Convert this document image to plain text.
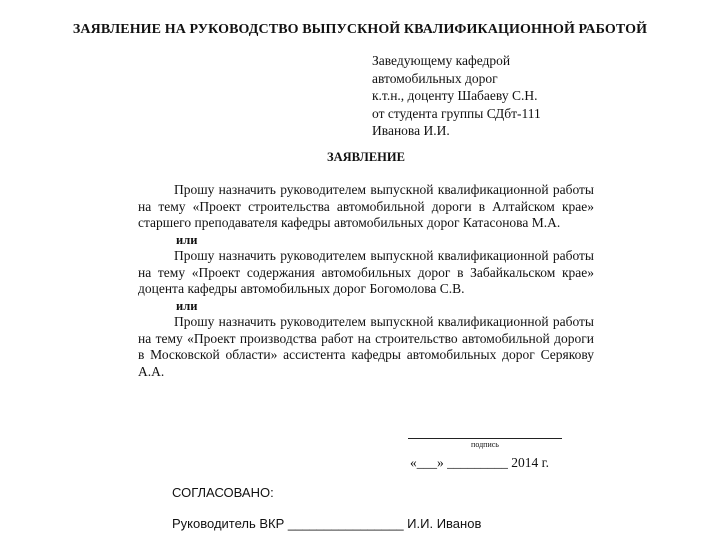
ЗАЯВЛЕНИЕ НА РУКОВОДСТВО ВЫПУСКНОЙ КВАЛИФИКАЦИОННОЙ РАБОТОЙ
Заведующему кафедрой
автомобильных дорог
к.т.н., доценту Шабаеву С.Н.
от студента группы СДбт-111
Иванова И.И.
ЗАЯВЛЕНИЕ

Прошу назначить руководителем выпускной квалификационной работы на тему «Проект строительства автомобильной дороги в Алтайском крае» старшего преподавателя кафедры автомобильных дорог Катасонова М.А.

или

Прошу назначить руководителем выпускной квалификационной работы на тему «Проект содержания автомобильных дорог в Забайкальском крае» доцента кафедры автомобильных дорог Богомолова С.В.

или

Прошу назначить руководителем выпускной квалификационной работы на тему «Проект производства работ на строительство автомобильной дороги в Московской области» ассистента кафедры автомобильных дорог Серякову А.А.

подпись
«___» _________ 2014 г.
СОГЛАСОВАНО:
Руководитель ВКР ________________ И.И. Иванов
